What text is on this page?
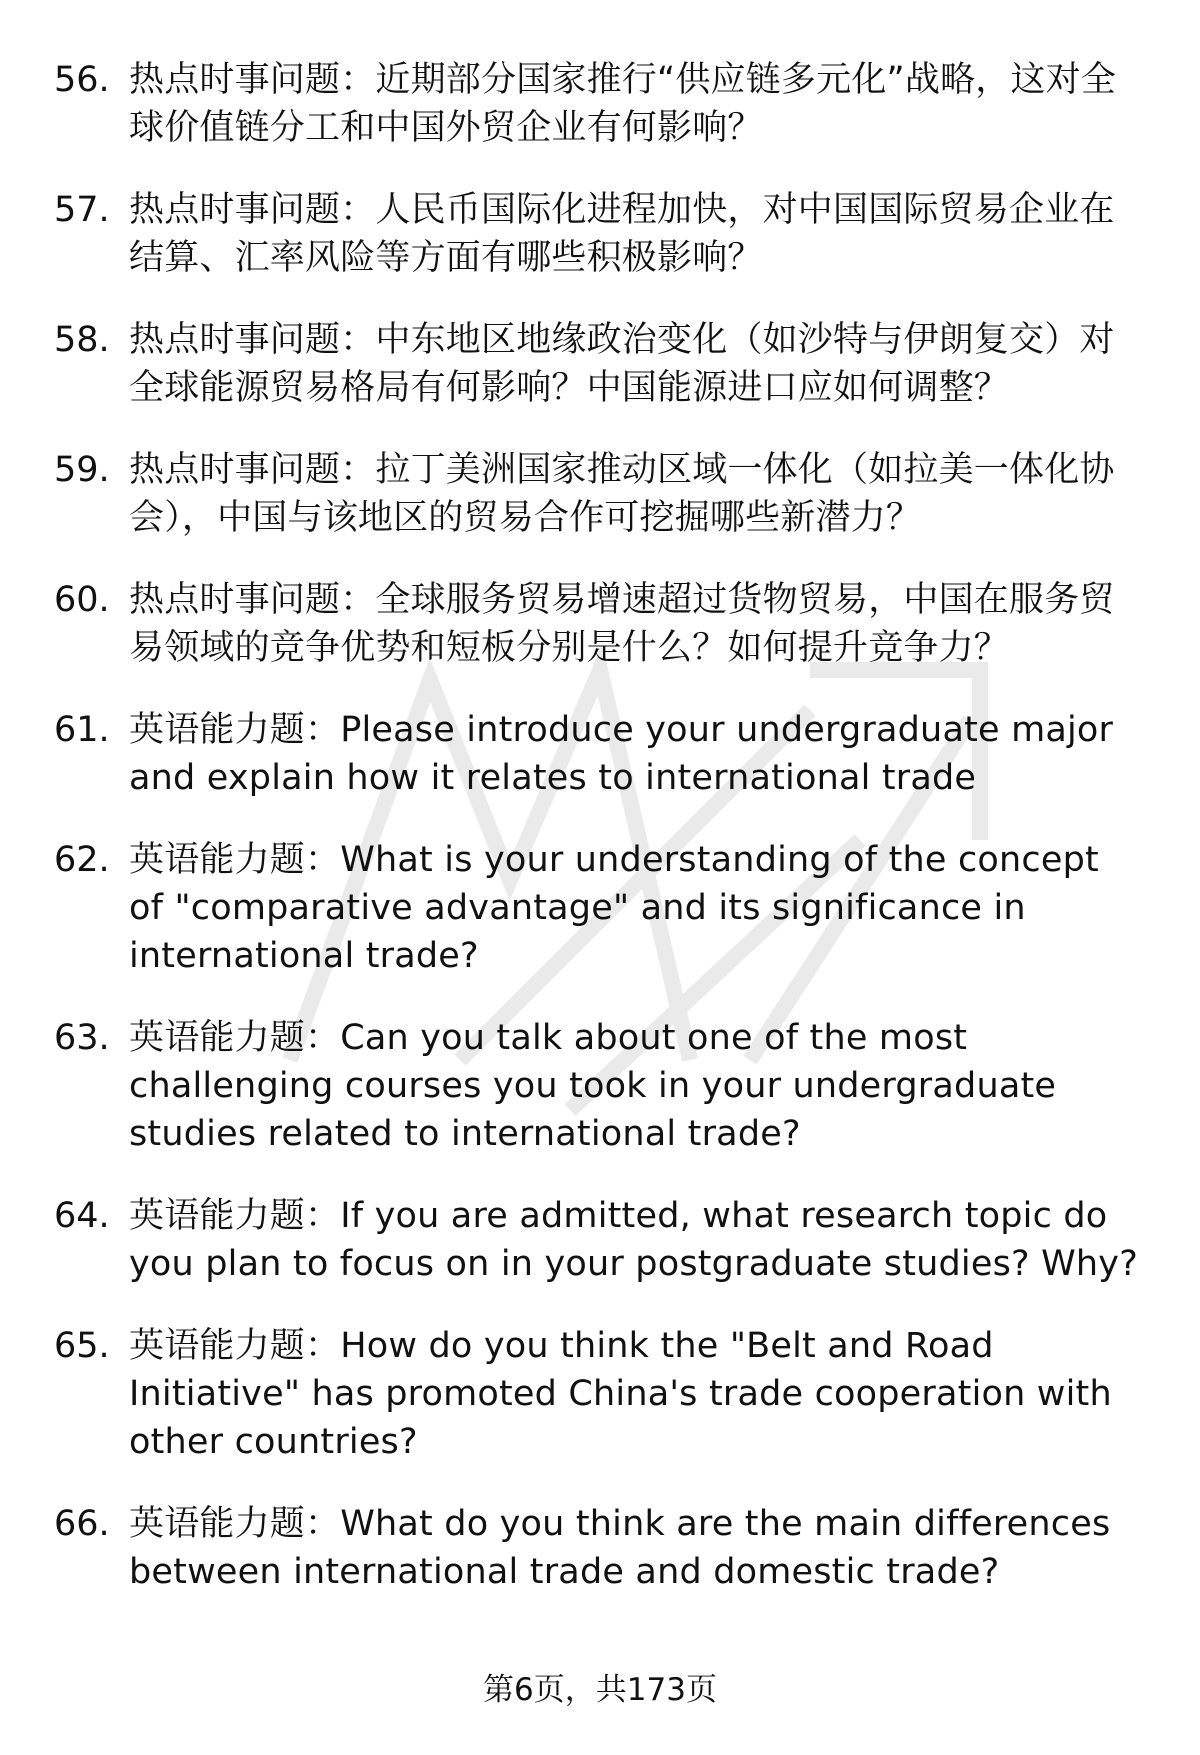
56. 热点时事问题：近期部分国家推行“供应链多元化”战略，这对全球价值链分工和中国外贸企业有何影响？
57. 热点时事问题：人民币国际化进程加快，对中国国际贸易企业在结算、汇率风险等方面有哪些积极影响？
58. 热点时事问题：中东地区地缘政治变化（如沙特与伊朗复交）对全球能源贸易格局有何影响？中国能源进口应如何调整？
59. 热点时事问题：拉丁美洲国家推动区域一体化（如拉美一体化协会），中国与该地区的贸易合作可挖掘哪些新潜力？
60. 热点时事问题：全球服务贸易增速超过货物贸易，中国在服务贸易领域的竞争优势和短板分别是什么？如何提升竞争力？
61. 英语能力题：Please introduce your undergraduate major and explain how it relates to international trade
62. 英语能力题：What is your understanding of the concept of "comparative advantage" and its significance in international trade?
63. 英语能力题：Can you talk about one of the most challenging courses you took in your undergraduate studies related to international trade?
64. 英语能力题：If you are admitted, what research topic do you plan to focus on in your postgraduate studies? Why?
65. 英语能力题：How do you think the "Belt and Road Initiative" has promoted China's trade cooperation with other countries?
66. 英语能力题：What do you think are the main differences between international trade and domestic trade?
第6页，共173页
